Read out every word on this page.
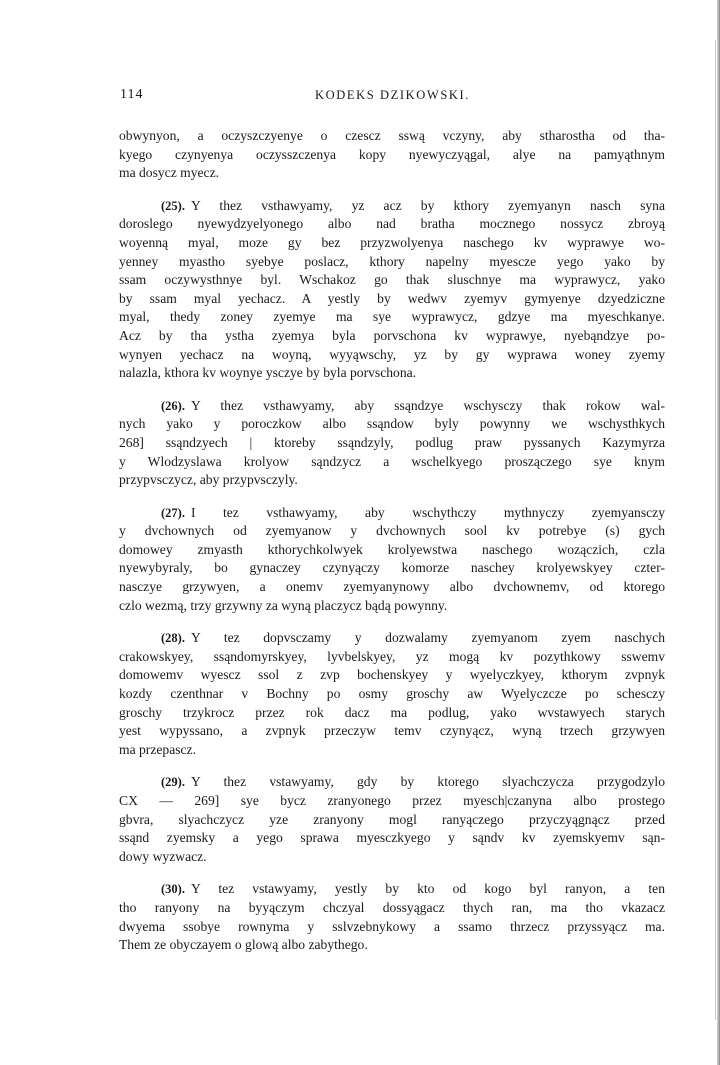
114	KODEKS DZIKOWSKI.
obwynyon, a oczyszczyenye o czescz sswą vczyny, aby stharostha od tha-
kyego czynyenya oczysszczenya kopy nyewyczyągal, alye na pamyąthnym
ma dosycz myecz.
(25). Y thez vsthawyamy, yz acz by kthory zyemyanyn nasch syna
doroslego nyewydzyelyonego albo nad bratha mocznego nossycz zbroyą
woyenną myal, moze gy bez przyzwolyenya naschego kv wyprawye wo-
yenney myastho syebye poslacz, kthory napelny myescze yego yako by
ssam oczywysthnye byl. Wschakoz go thak sluschnye ma wyprawycz, yako
by ssam myal yechacz. A yestly by wedwv zyemyv gymyenye dzyedziczne
myal, thedy zoney zyemye ma sye wyprawycz, gdzye ma myeschkanye.
Acz by tha ystha zyemya byla porvschona kv wyprawye, nyebąndzye po-
wynyen yechacz na woyną, wyyąwschy, yz by gy wyprawa woney zyemy
nalazla, kthora kv woynye ysczye by byla porvschona.
(26). Y thez vsthawyamy, aby ssąndzye wschysczy thak rokow wal-
nych yako y poroczkow albo ssąndow byly powynny we wschysthkych
268] ssąndzyech | ktoreby ssąndzyly, podlug praw pyssanych Kazymyrza
y Wlodzyslawa krolyow sąndzycz a wschelkyego proszączego sye knym
przypvsczycz, aby przypvsczyly.
(27). I tez vsthawyamy, aby wschythczy mythnyczy zyemyansczy
y dvchownych od zyemyanow y dvchownych sool kv potrebye (s) gych
domowey zmyasth kthorychkolwyek krolyewstwa naschego wozączich, czla
nyewybyraly, bo gynaczey czynyączy komorze naschey krolyewskyey czter-
nasczye grzywyen, a onemv zyemyanynowy albo dvchownemv, od ktorego
czlo wezmą, trzy grzywny za wyną placzycz bądą powynny.
(28). Y tez dopvsczamy y dozwalamy zyemyanom zyem naschych
crakowskyey, ssąndomyrskyey, lyvbelskyey, yz mogą kv pozythkowy sswemv
domowemv wyescz ssol z zvp bochenskyey y wyelyczkyey, kthorym zvpnyk
kozdy czenthnar v Bochny po osmy groschy aw Wyelyczcze po schesczy
groschy trzykrocz przez rok dacz ma podlug, yako wvstawyech starych
yest wypyssano, a zvpnyk przeczyw temv czynyącz, wyną trzech grzywyen
ma przepascz.
(29). Y thez vstawyamy, gdy by ktorego slyachczycza przygodzylo
CX — 269] sye bycz zranyonego przez myesch|czanyna albo prostego
gbvra, slyachczycz yze zranyony mogl ranyączego przyczyągnącz przed
ssąnd zyemsky a yego sprawa myesczkyego y sąndv kv zyemskyemv sąn-
dowy wyzwacz.
(30). Y tez vstawyamy, yestly by kto od kogo byl ranyon, a ten
tho ranyony na byyączym chczyal dossyągacz thych ran, ma tho vkazacz
dwyema ssobye rownyma y sslvzebnykowy a ssamo thrzecz przyssyącz ma.
Them ze obyczayem o glową albo zabythego.
